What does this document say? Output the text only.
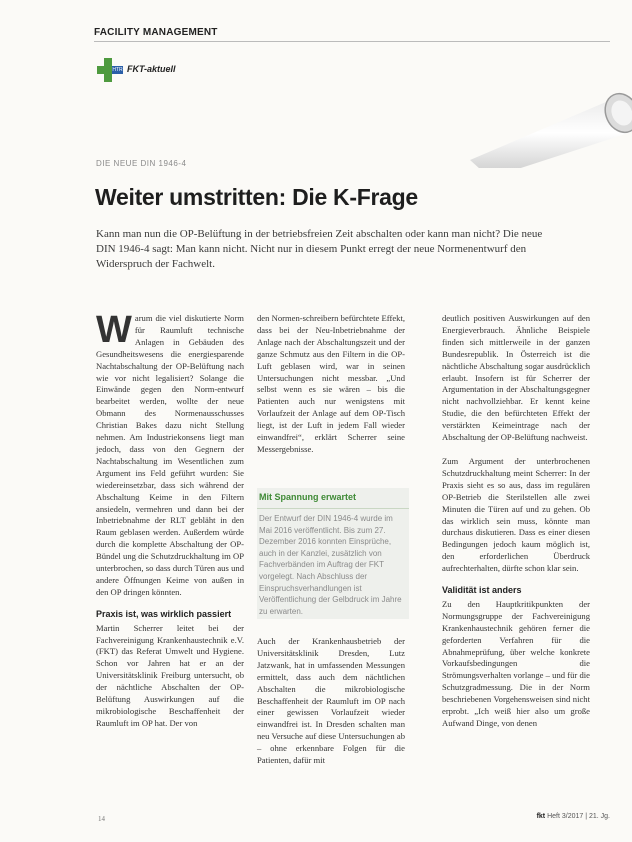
FACILITY MANAGEMENT
HTR FKT-aktuell
DIE NEUE DIN 1946-4
Weiter umstritten: Die K-Frage

Kann man nun die OP-Belüftung in der betriebsfreien Zeit abschalten oder kann man nicht? Die neue DIN 1946-4 sagt: Man kann nicht. Nicht nur in diesem Punkt erregt der neue Normenentwurf den Widerspruch der Fachwelt.

Warum die viel diskutierte Norm für Raumluft technische Anlagen in Gebäuden des Gesundheitswesens die energiesparende Nachtabschaltung der OP-Belüftung nach wie vor nicht legalisiert? Solange die Einwände gegen den Norm-entwurf bearbeitet werden, wollte der neue Obmann des Normenausschusses Christian Bakes dazu nicht Stellung nehmen. Am Industriekonsens liegt man jedoch, dass von den Gegnern der Nachtabschaltung im Wesentlichen zum Argument ins Feld geführt wurden: Sie wiedereinsetzbar, dass sich während der Abschaltung Keime in den Filtern ansiedeln, vermehren und dann bei der Inbetriebnahme der RLT gebläht in den Raum geblasen werden. Außerdem würde durch die komplette Abschaltung der OP-Bündel ung die Schutzdruckhaltung im OP unterbrochen, so dass durch Türen aus und andere Öffnungen Keime von außen in den OP dringen könnten.

Praxis ist, was wirklich passiert

Martin Scherrer leitet bei der Fachvereinigung Krankenhaustechnik e.V. (FKT) das Referat Umwelt und Hygiene. Schon vor Jahren hat er an der Universitätsklinik Freiburg untersucht, ob der nächtliche Abschalten der OP-Belüftung Auswirkungen auf die mikrobiologische Beschaffenheit der Raumluft im OP hat. Der von

den Normen-schreibern befürchtete Effekt, dass bei der Neu-Inbetriebnahme der Anlage nach der Abschaltungszeit und der ganze Schmutz aus den Filtern in die OP-Luft geblasen wird, war in seinen Untersuchungen nicht messbar. „Und selbst wenn es sie wären – bis die Patienten auch nur wenigstens mit Vorlaufzeit der Anlage auf dem OP-Tisch liegt, ist der Luft in jedem Fall wieder einwandfrei“, erklärt Scherrer seine Messergebnisse.

Mit Spannung erwartet
Der Entwurf der DIN 1946-4 wurde im Mai 2016 veröffentlicht. Bis zum 27. Dezember 2016 konnten Einsprüche, auch in der Kanzlei, zusätzlich von Fachverbänden im Auftrag der FKT vorgelegt. Nach Abschluss der Einspruchsverhandlungen ist Veröffentlichung der Gelbdruck im Jahre zu erwarten.

Auch der Krankenhausbetrieb der Universitätsklinik Dresden, Lutz Jatzwank, hat in umfassenden Messungen ermittelt, dass auch dem nächtlichen Abschalten die mikrobiologische Beschaffenheit der Raumluft im OP nach einer gewissen Vorlaufzeit wieder einwandfrei ist. In Dresden schalten man neu Versuche auf diese Untersuchungen ab – ohne erkennbare Folgen für die Patienten, dafür mit

deutlich positiven Auswirkungen auf den Energieverbrauch. Ähnliche Beispiele finden sich mittlerweile in der ganzen Bundesrepublik. In Österreich ist die nächtliche Abschaltung sogar ausdrücklich erlaubt. Insofern ist für Scherrer der Argumentation in der Abschaltungsgegner nicht nachvollziehbar. Er kennt keine Studie, die den befürchteten Effekt der verstärkten Keimeintrage nach der Abschaltung der OP-Belüftung nachweist.

Zum Argument der unterbrochenen Schutzdruckhaltung meint Scherrer: In der Praxis sieht es so aus, dass im regulären OP-Betrieb die Sterilstellen alle zwei Minuten die Türen auf und zu gehen. Ob das wirklich sein muss, könnte man durchaus diskutieren. Dass es einer diesen Bedingungen jedoch kaum möglich ist, den erforderlichen Überdruck aufrechterhalten, dürfte schon klar sein.

Validität ist anders

Zu den Hauptkritikpunkten der Normungsgruppe der Fachvereinigung Krankenhaustechnik gehören ferner die geforderten Verfahren für die Abnahmeprüfung, über welche konkrete Vorkaufsbedingungen die Strömungsverhalten vorlange – und für die Schutzgradmessung. Die in der Norm beschriebenen Vorgehensweisen sind nicht erprobt. „Ich weiß hier also um große Aufwand Dinge, von denen

14	fkt Heft 3/2017 | 21. Jg.
